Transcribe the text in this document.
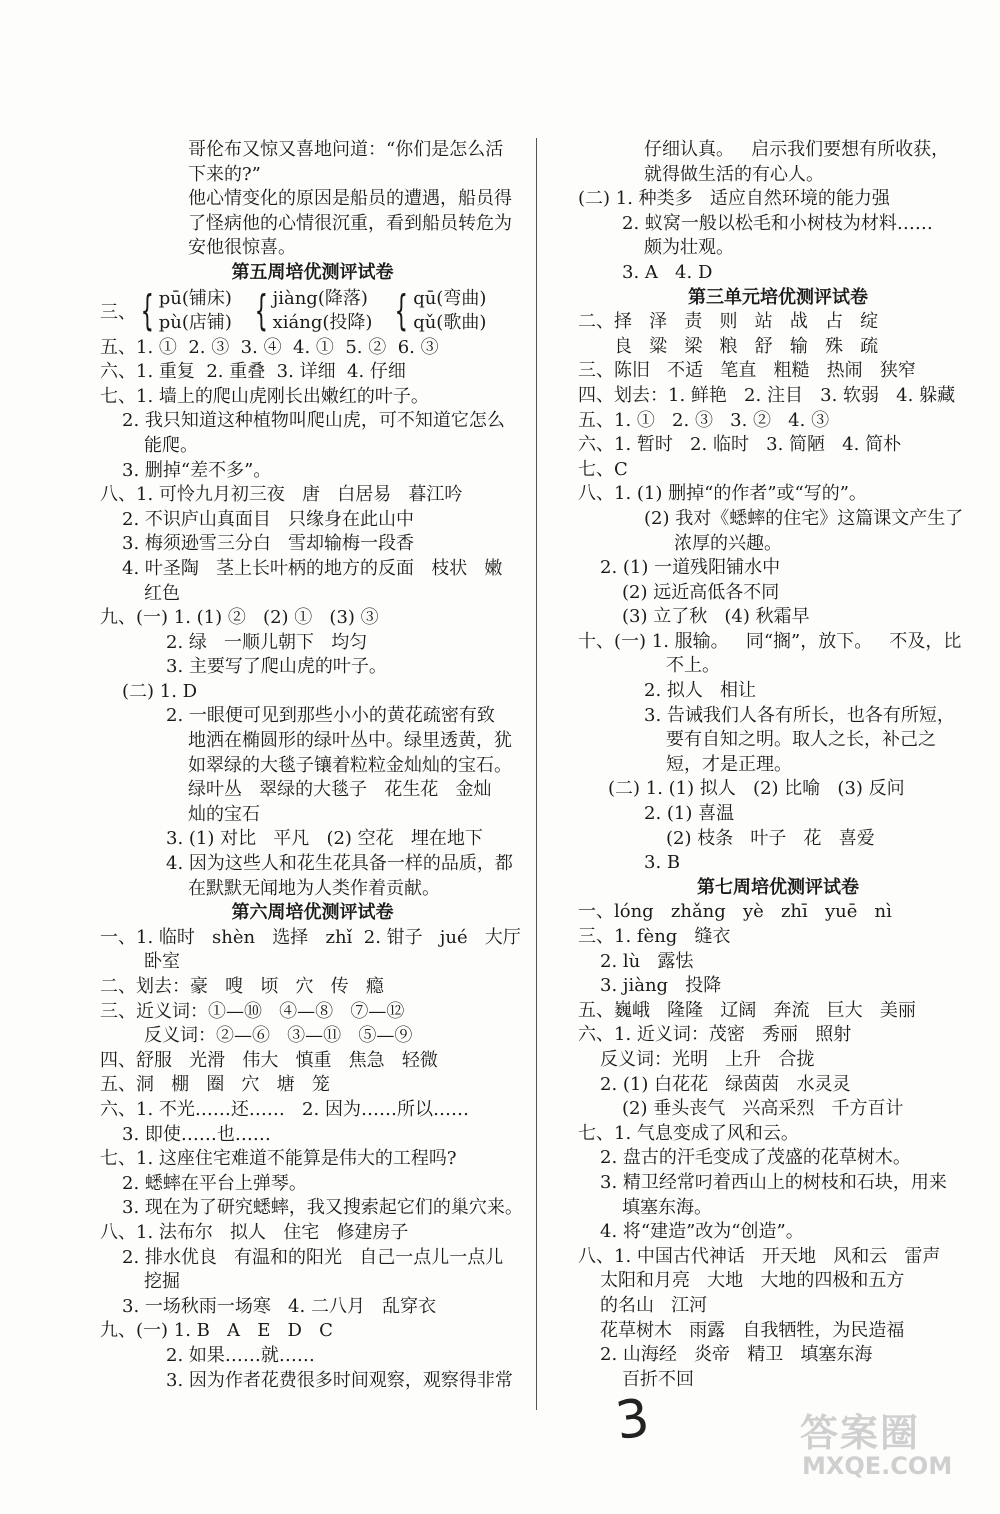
哥伦布又惊又喜地问道：“你们是怎么活
下来的?”
他心情变化的原因是船员的遭遇，船员得
了怪病他的心情很沉重，看到船员转危为
安他很惊喜。
第五周培优测评试卷
三、 { pū(铺床)
pù(店铺) { jiàng(降落)
xiáng(投降) { qū(弯曲)
qǔ(歌曲)
五、1. ①  2. ③  3. ④  4. ①  5. ②  6. ③
六、1. 重复  2. 重叠  3. 详细  4. 仔细
七、1. 墙上的爬山虎刚长出嫩红的叶子。
2. 我只知道这种植物叫爬山虎，可不知道它怎么
能爬。
3. 删掉“差不多”。
八、1. 可怜九月初三夜   唐   白居易   暮江吟
2. 不识庐山真面目   只缘身在此山中
3. 梅须逊雪三分白   雪却输梅一段香
4. 叶圣陶   茎上长叶柄的地方的反面   枝状   嫩
红色
九、(一) 1. (1) ②   (2) ①   (3) ③
2. 绿   一顺儿朝下   均匀
3. 主要写了爬山虎的叶子。
(二) 1. D
2. 一眼便可见到那些小小的黄花疏密有致
地洒在椭圆形的绿叶丛中。绿里透黄，犹
如翠绿的大毯子镶着粒粒金灿灿的宝石。
绿叶丛   翠绿的大毯子   花生花   金灿
灿的宝石
3. (1) 对比   平凡   (2) 空花   埋在地下
4. 因为这些人和花生花具备一样的品质，都
在默默无闻地为人类作着贡献。
第六周培优测评试卷
一、1. 临时   shèn   选择   zhǐ  2. 钳子   jué   大厅
卧室
二、划去：豪   嗖   顷   穴   传   瘾
三、近义词：①—⑩   ④—⑧   ⑦—⑫
反义词：②—⑥   ③—⑪   ⑤—⑨
四、舒服   光滑   伟大   慎重   焦急   轻微
五、洞   棚   圈   穴   塘   笼
六、1. 不光……还……   2. 因为……所以……
3. 即使……也……
七、1. 这座住宅难道不能算是伟大的工程吗?
2. 蟋蟀在平台上弹琴。
3. 现在为了研究蟋蟀，我又搜索起它们的巢穴来。
八、1. 法布尔   拟人   住宅   修建房子
2. 排水优良   有温和的阳光   自己一点儿一点儿
挖掘
3. 一场秋雨一场寒   4. 二八月   乱穿衣
九、(一) 1. B   A   E   D   C
2. 如果……就……
3. 因为作者花费很多时间观察，观察得非常
仔细认真。   启示我们要想有所收获，
就得做生活的有心人。
(二) 1. 种类多   适应自然环境的能力强
2. 蚁窝一般以松毛和小树枝为材料……
颇为壮观。
3. A   4. D
第三单元培优测评试卷
二、择   泽   责   则   站   战   占   绽
良   粱   梁   粮   舒   输   殊   疏
三、陈旧   不适   笔直   粗糙   热闹   狭窄
四、划去：1. 鲜艳   2. 注目   3. 软弱   4. 躲藏
五、1. ①   2. ③   3. ②   4. ③
六、1. 暂时   2. 临时   3. 简陋   4. 简朴
七、C
八、1. (1) 删掉“的作者”或“写的”。
(2) 我对《蟋蟀的住宅》这篇课文产生了
浓厚的兴趣。
2. (1) 一道残阳铺水中
(2) 远近高低各不同
(3) 立了秋   (4) 秋霜早
十、(一) 1. 服输。   同“搁”，放下。   不及，比
不上。
2. 拟人   相让
3. 告诫我们人各有所长，也各有所短，
要有自知之明。取人之长，补己之
短，才是正理。
(二) 1. (1) 拟人   (2) 比喻   (3) 反问
2. (1) 喜温
(2) 枝条   叶子   花   喜爱
3. B
第七周培优测评试卷
一、lóng   zhǎng   yè   zhī   yuē   nì
三、1. fèng   缝衣
2. lù   露怯
3. jiàng   投降
五、巍峨   隆隆   辽阔   奔流   巨大   美丽
六、1. 近义词：茂密   秀丽   照射
反义词：光明   上升   合拢
2. (1) 白花花   绿茵茵   水灵灵
(2) 垂头丧气   兴高采烈   千方百计
七、1. 气息变成了风和云。
2. 盘古的汗毛变成了茂盛的花草树木。
3. 精卫经常叼着西山上的树枝和石块，用来
填塞东海。
4. 将“建造”改为“创造”。
八、1. 中国古代神话   开天地   风和云   雷声
太阳和月亮   大地   大地的四极和五方
的名山   江河
花草树木   雨露   自我牺牲，为民造福
2. 山海经   炎帝   精卫   填塞东海
百折不回
3	答案圈
MXQE.COM
